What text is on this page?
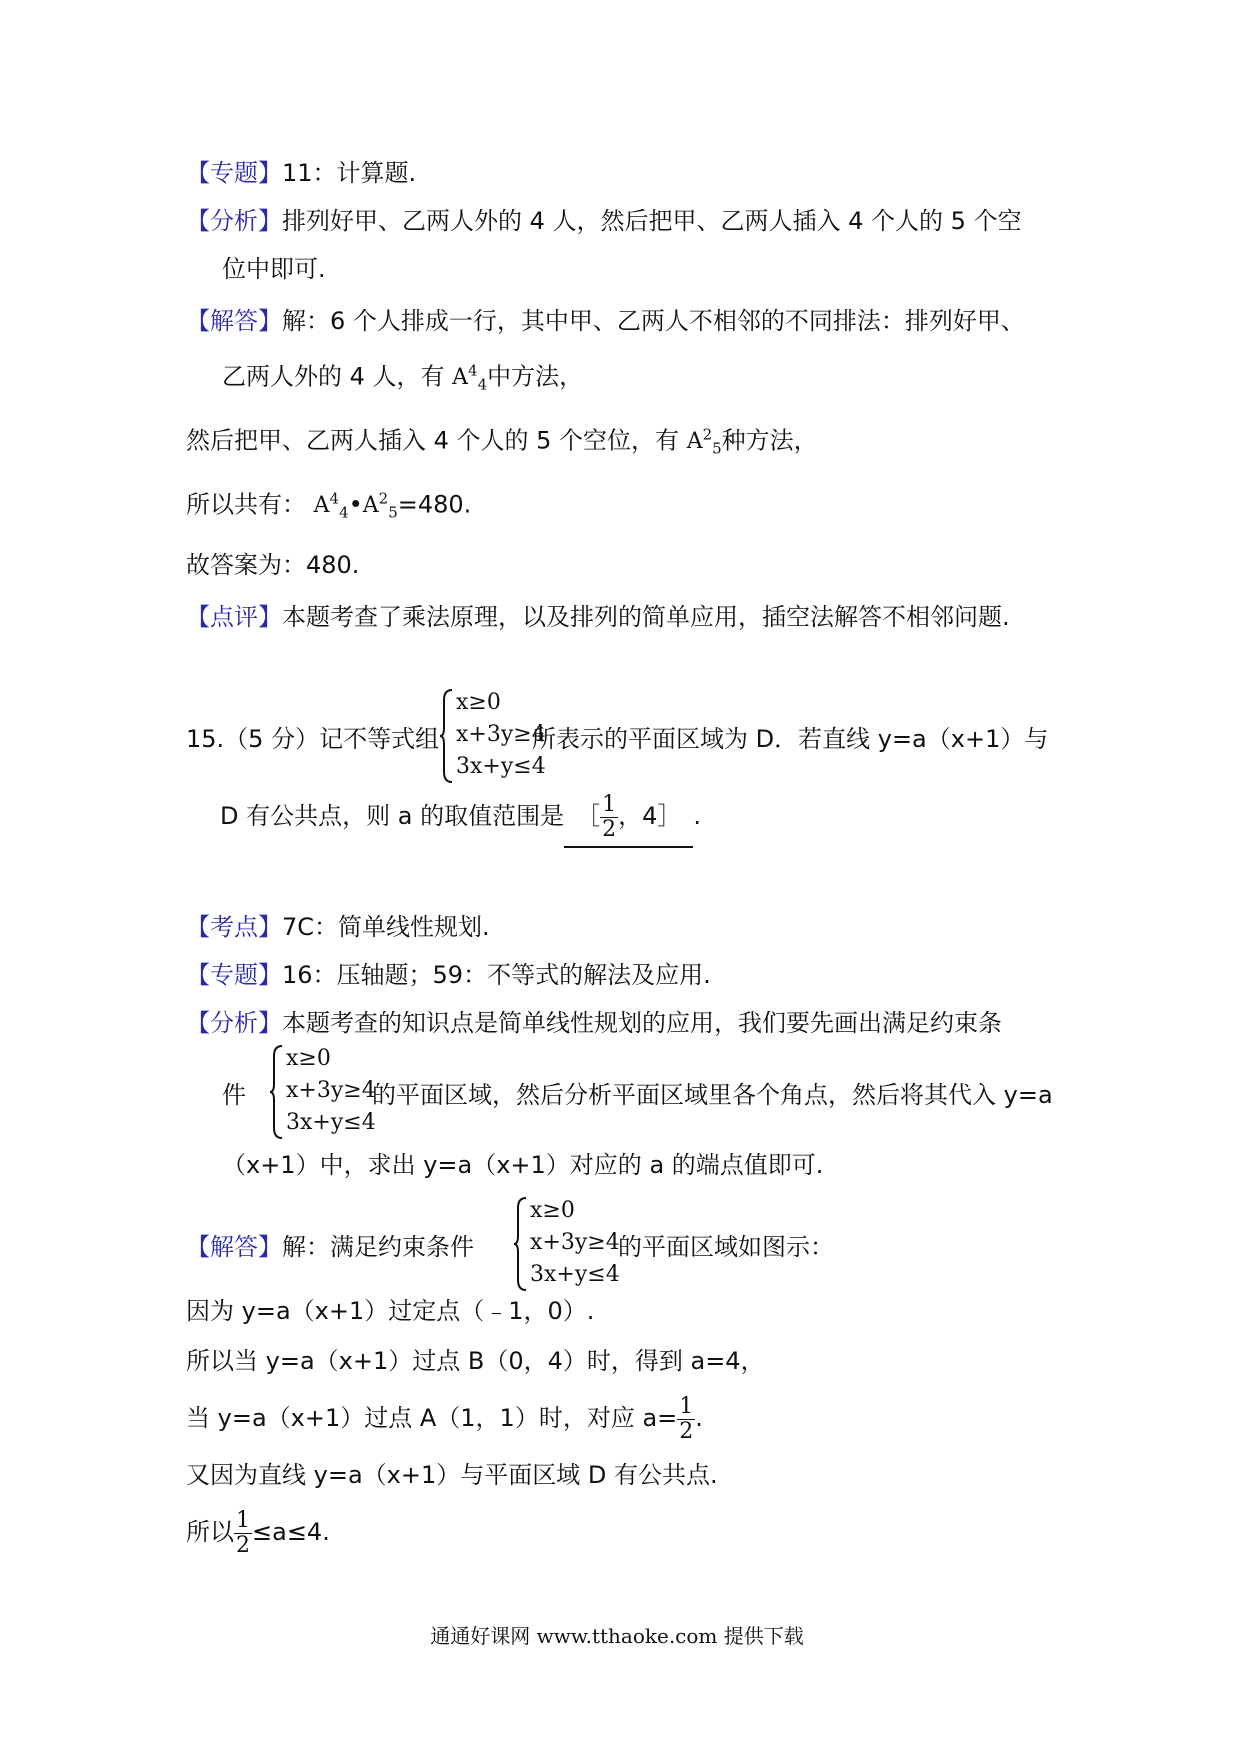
【专题】11：计算题.
【分析】排列好甲、乙两人外的 4 人，然后把甲、乙两人插入 4 个人的 5 个空
位中即可.
【解答】解：6 个人排成一行，其中甲、乙两人不相邻的不同排法：排列好甲、
乙两人外的 4 人，有 $A^4_4$中方法，
然后把甲、乙两人插入 4 个人的 5 个空位，有 $A^2_5$种方法，
所以共有： $A^4_4•A^2_5=480$.
故答案为：480.
【点评】本题考查了乘法原理，以及排列的简单应用，插空法解答不相邻问题.
15.（5 分）记不等式组
x≥0
x+3y≥4
3x+y≤4
所表示的平面区域为 D．若直线 y=a（x+1）与
D 有公共点，则 a 的取值范围是 ［ $\frac{1}{2}$ ，4］ .
【考点】7C：简单线性规划.
【专题】16：压轴题；59：不等式的解法及应用.
【分析】本题考查的知识点是简单线性规划的应用，我们要先画出满足约束条
件
x≥0
x+3y≥4
3x+y≤4
的平面区域，然后分析平面区域里各个角点，然后将其代入 y=a
（x+1）中，求出 y=a（x+1）对应的 a 的端点值即可.
【解答】解：满足约束条件
x≥0
x+3y≥4
3x+y≤4
的平面区域如图示：
因为 y=a（x+1）过定点（﹣1，0）.
所以当 y=a（x+1）过点 B（0，4）时，得到 a=4，
当 y=a（x+1）过点 A（1，1）时，对应 $a= \frac{1}{2}$ .
又因为直线 y=a（x+1）与平面区域 D 有公共点.
所以 $\frac{1}{2} \le a\le 4$.
通通好课网 www.tthaoke.com 提供下载
